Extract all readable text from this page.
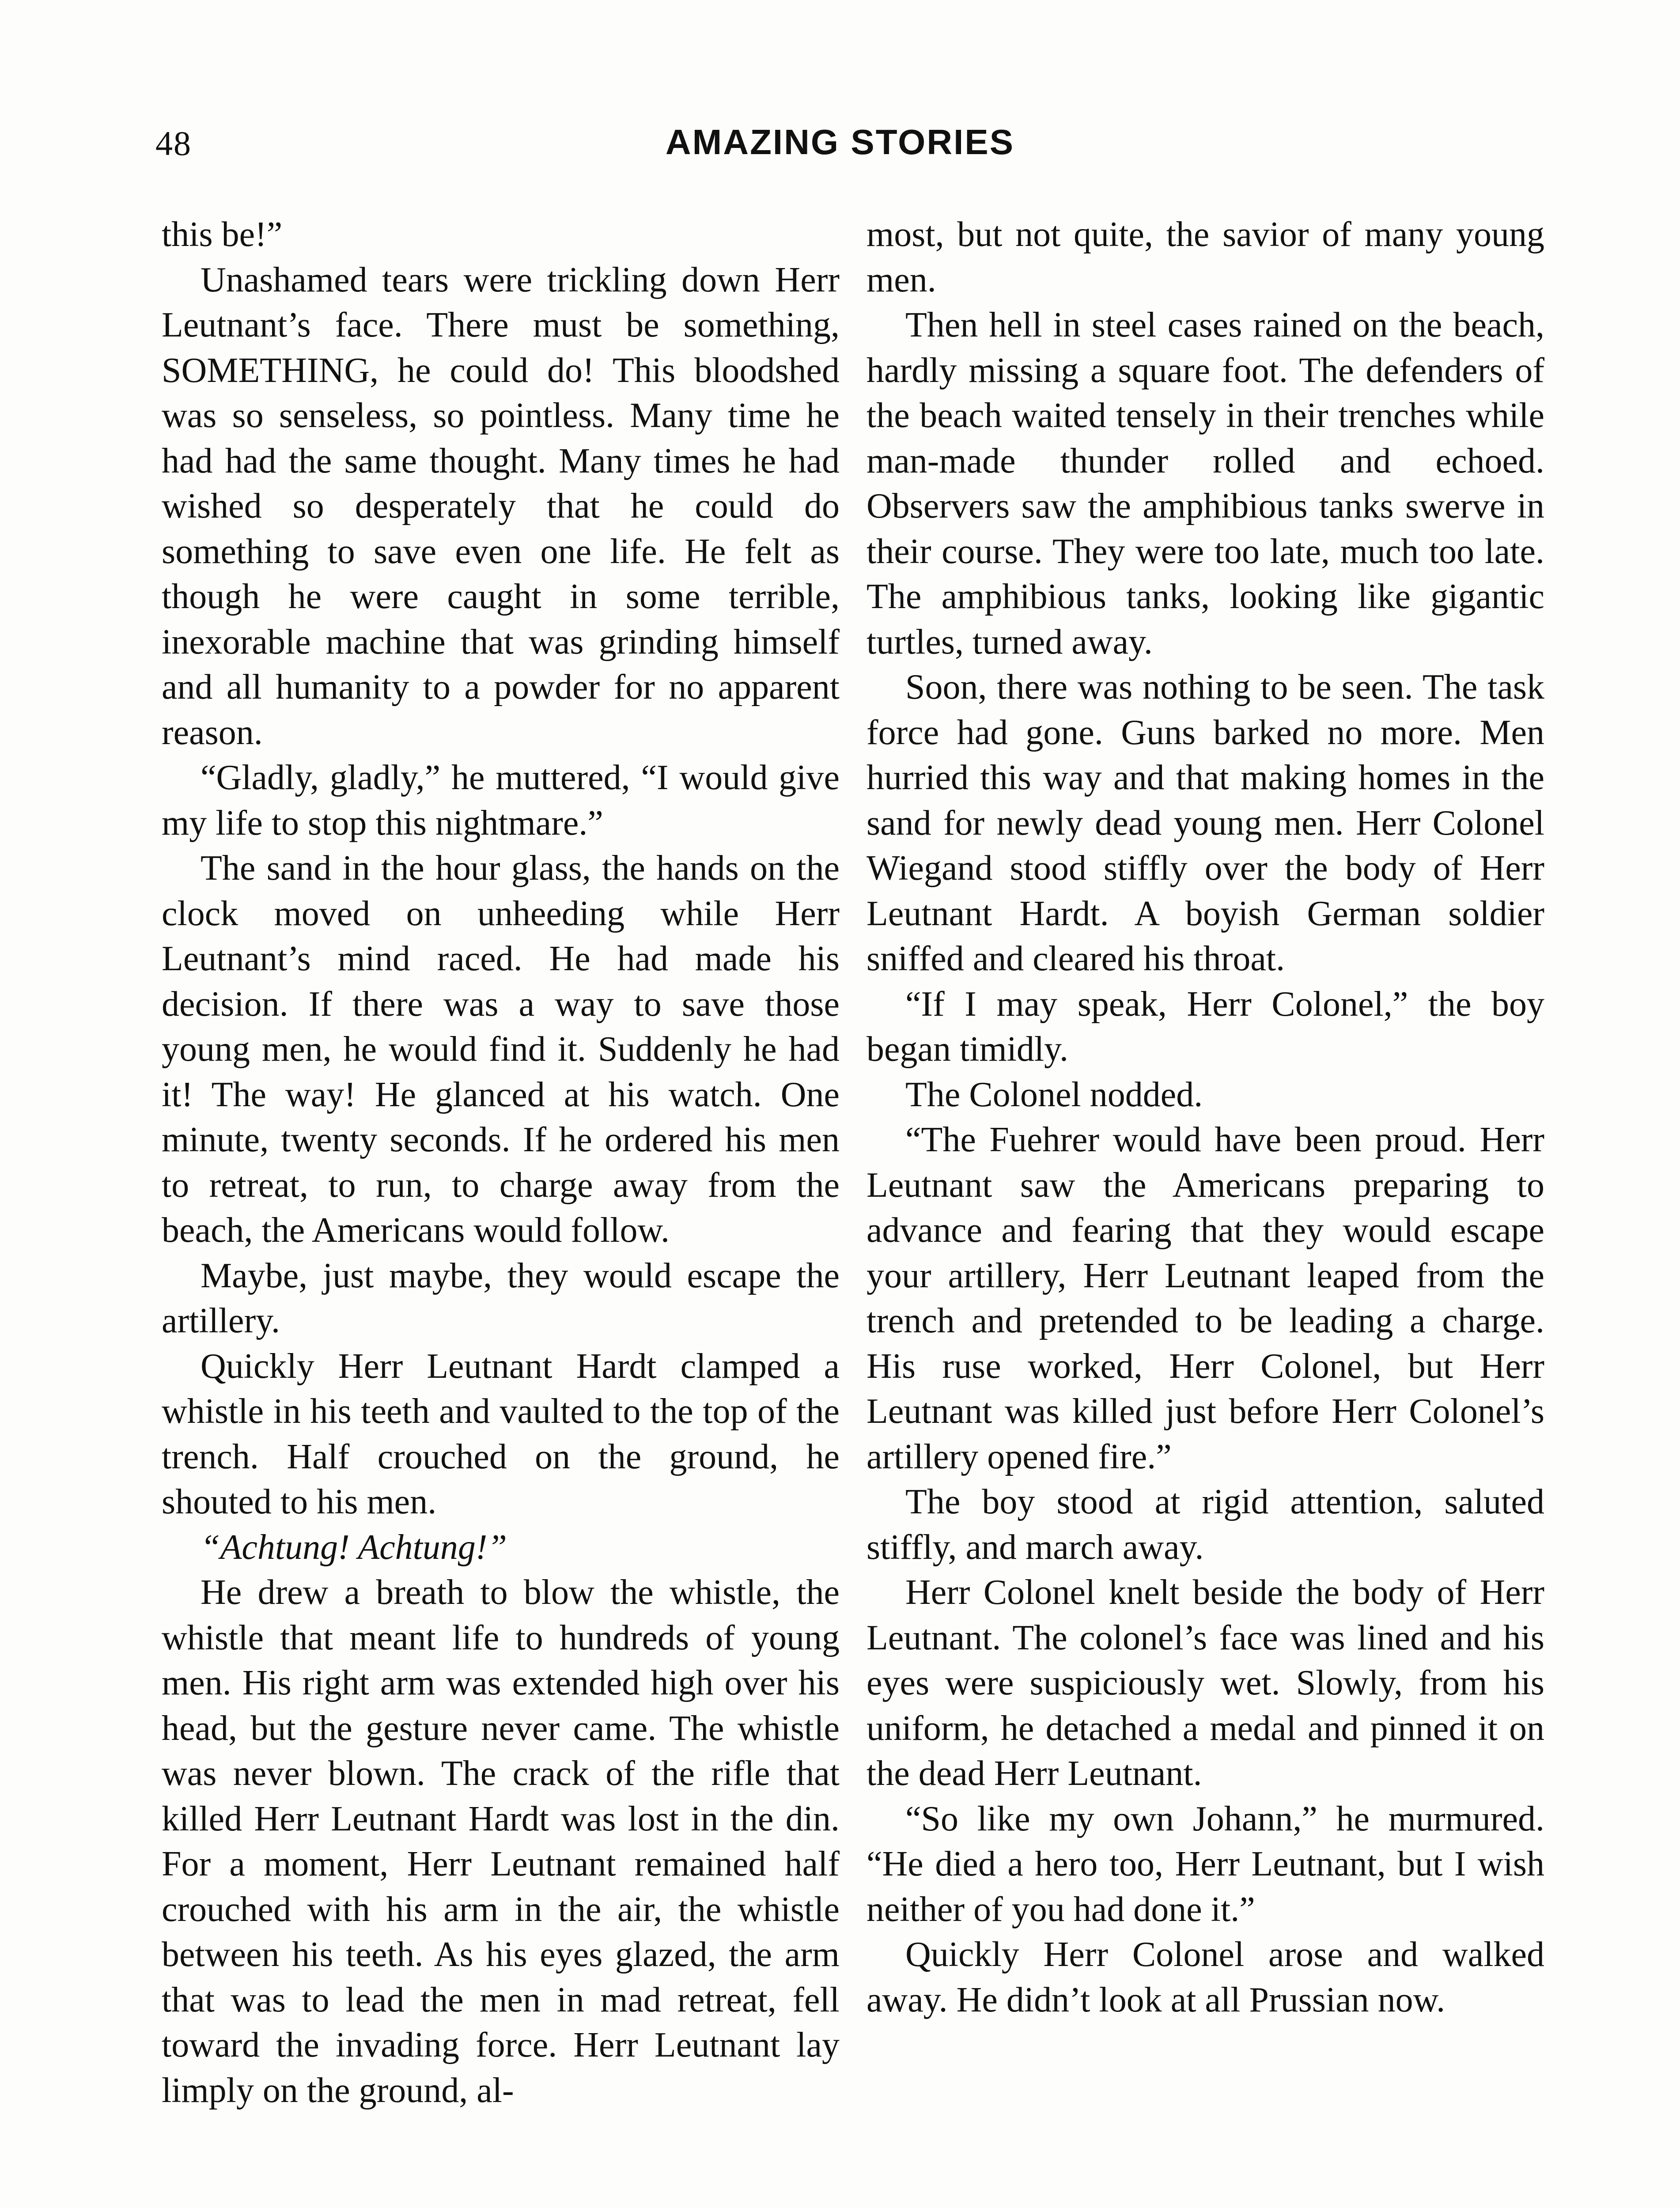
48	AMAZING STORIES

this be!”

Unashamed tears were trickling down Herr Leutnant’s face. There must be something, SOMETHING, he could do! This bloodshed was so senseless, so pointless. Many time he had had the same thought. Many times he had wished so desperately that he could do something to save even one life. He felt as though he were caught in some terrible, inexorable machine that was grinding himself and all humanity to a powder for no apparent reason.

“Gladly, gladly,” he muttered, “I would give my life to stop this nightmare.”

The sand in the hour glass, the hands on the clock moved on unheeding while Herr Leutnant’s mind raced. He had made his decision. If there was a way to save those young men, he would find it. Suddenly he had it! The way! He glanced at his watch. One minute, twenty seconds. If he ordered his men to retreat, to run, to charge away from the beach, the Americans would follow.

Maybe, just maybe, they would escape the artillery.

Quickly Herr Leutnant Hardt clamped a whistle in his teeth and vaulted to the top of the trench. Half crouched on the ground, he shouted to his men.

“Achtung! Achtung!”

He drew a breath to blow the whistle, the whistle that meant life to hundreds of young men. His right arm was extended high over his head, but the gesture never came. The whistle was never blown. The crack of the rifle that killed Herr Leutnant Hardt was lost in the din. For a moment, Herr Leutnant remained half crouched with his arm in the air, the whistle between his teeth. As his eyes glazed, the arm that was to lead the men in mad retreat, fell toward the invading force. Herr Leutnant lay limply on the ground, al-

most, but not quite, the savior of many young men.

Then hell in steel cases rained on the beach, hardly missing a square foot. The defenders of the beach waited tensely in their trenches while man-made thunder rolled and echoed. Observers saw the amphibious tanks swerve in their course. They were too late, much too late. The amphibious tanks, looking like gigantic turtles, turned away.

Soon, there was nothing to be seen. The task force had gone. Guns barked no more. Men hurried this way and that making homes in the sand for newly dead young men. Herr Colonel Wiegand stood stiffly over the body of Herr Leutnant Hardt. A boyish German soldier sniffed and cleared his throat.

“If I may speak, Herr Colonel,” the boy began timidly.

The Colonel nodded.

“The Fuehrer would have been proud. Herr Leutnant saw the Americans preparing to advance and fearing that they would escape your artillery, Herr Leutnant leaped from the trench and pretended to be leading a charge. His ruse worked, Herr Colonel, but Herr Leutnant was killed just before Herr Colonel’s artillery opened fire.”

The boy stood at rigid attention, saluted stiffly, and march away.

Herr Colonel knelt beside the body of Herr Leutnant. The colonel’s face was lined and his eyes were suspiciously wet. Slowly, from his uniform, he detached a medal and pinned it on the dead Herr Leutnant.

“So like my own Johann,” he murmured. “He died a hero too, Herr Leutnant, but I wish neither of you had done it.”

Quickly Herr Colonel arose and walked away. He didn’t look at all Prussian now.
